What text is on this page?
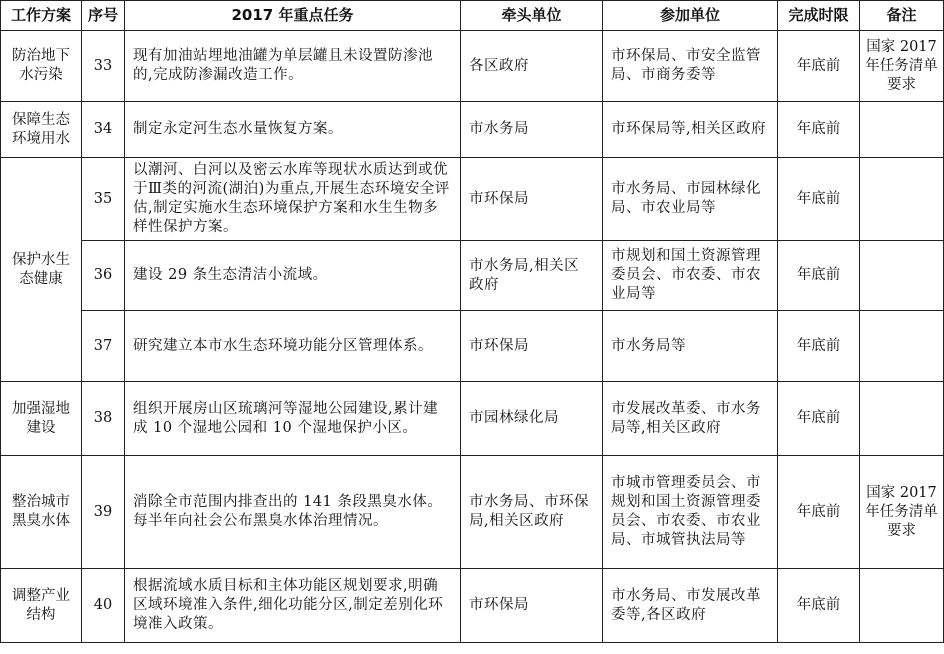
工作方案	序号	2017 年重点任务	牵头单位	参加单位	完成时限	备注
防治地下水污染	33	现有加油站埋地油罐为单层罐且未设置防渗池的,完成防渗漏改造工作。	各区政府	市环保局、市安全监管局、市商务委等	年底前	国家 2017 年任务清单要求
保障生态环境用水	34	制定永定河生态水量恢复方案。	市水务局	市环保局等,相关区政府	年底前	
保护水生态健康	35	以潮河、白河以及密云水库等现状水质达到或优于Ⅲ类的河流(湖泊)为重点,开展生态环境安全评估,制定实施水生态环境保护方案和水生生物多样性保护方案。	市环保局	市水务局、市园林绿化局、市农业局等	年底前	
	36	建设 29 条生态清洁小流域。	市水务局,相关区政府	市规划和国土资源管理委员会、市农委、市农业局等	年底前	
	37	研究建立本市水生态环境功能分区管理体系。	市环保局	市水务局等	年底前	
加强湿地建设	38	组织开展房山区琉璃河等湿地公园建设,累计建成 10 个湿地公园和 10 个湿地保护小区。	市园林绿化局	市发展改革委、市水务局等,相关区政府	年底前	
整治城市黑臭水体	39	消除全市范围内排查出的 141 条段黑臭水体。每半年向社会公布黑臭水体治理情况。	市水务局、市环保局,相关区政府	市城市管理委员会、市规划和国土资源管理委员会、市农委、市农业局、市城管执法局等	年底前	国家 2017 年任务清单要求
调整产业结构	40	根据流域水质目标和主体功能区规划要求,明确区域环境准入条件,细化功能分区,制定差别化环境准入政策。	市环保局	市水务局、市发展改革委等,各区政府	年底前	
